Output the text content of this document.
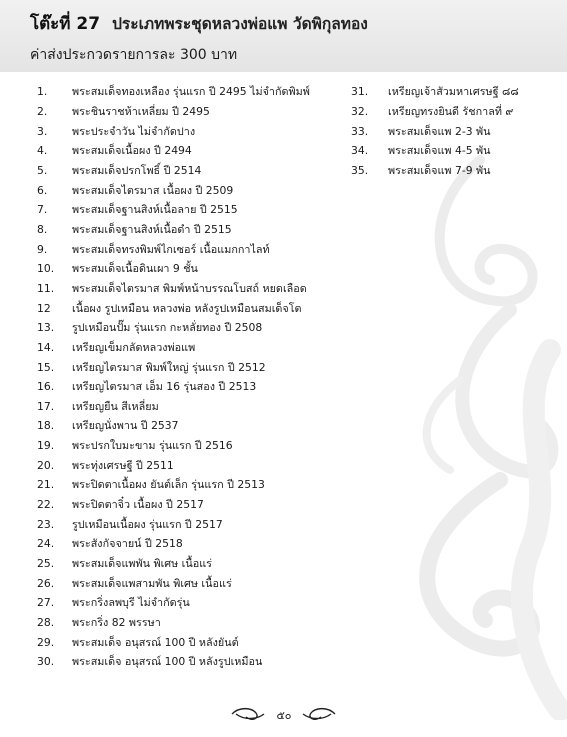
โต๊ะที่ 27 ประเภทพระชุดหลวงพ่อแพ วัดพิกุลทอง
ค่าส่งประกวดรายการละ 300 บาท
1.	พระสมเด็จทองเหลือง รุ่นแรก ปี 2495 ไม่จำกัดพิมพ์
2.	พระชินราชห้าเหลี่ยม ปี 2495
3.	พระประจำวัน ไม่จำกัดปาง
4.	พระสมเด็จเนื้อผง ปี 2494
5.	พระสมเด็จปรกโพธิ์ ปี 2514
6.	พระสมเด็จไตรมาส เนื้อผง ปี 2509
7.	พระสมเด็จฐานสิงห์เนื้อลาย ปี 2515
8.	พระสมเด็จฐานสิงห์เนื้อดำ ปี 2515
9.	พระสมเด็จทรงพิมพ์ไกเซอร์ เนื้อแมกกาไลท์
10.	พระสมเด็จเนื้อดินเผา 9 ชั้น
11.	พระสมเด็จไตรมาส พิมพ์หน้าบรรณโบสถ์ หยดเลือด
12	เนื้อผง รูปเหมือน หลวงพ่อ หลังรูปเหมือนสมเด็จโต
13.	รูปเหมือนปั๊ม รุ่นแรก กะหลั่ยทอง ปี 2508
14.	เหรียญเข็มกลัดหลวงพ่อแพ
15.	เหรียญไตรมาส พิมพ์ใหญ่ รุ่นแรก ปี 2512
16.	เหรียญไตรมาส เอ็ม 16 รุ่นสอง ปี 2513
17.	เหรียญยืน สีเหลี่ยม
18.	เหรียญนั่งพาน ปี 2537
19.	พระปรกใบมะขาม รุ่นแรก ปี 2516
20.	พระทุ่งเศรษฐี ปี 2511
21.	พระปิดตาเนื้อผง ยันต์เล็ก รุ่นแรก ปี 2513
22.	พระปิดตาจิ๋ว เนื้อผง ปี 2517
23.	รูปเหมือนเนื้อผง รุ่นแรก ปี 2517
24.	พระสังกัจจายน์ ปี 2518
25.	พระสมเด็จแพพัน พิเศษ เนื้อแร่
26.	พระสมเด็จแพสามพัน พิเศษ เนื้อแร่
27.	พระกริ่งลพบุรี ไม่จำกัดรุ่น
28.	พระกริ่ง 82 พรรษา
29.	พระสมเด็จ อนุสรณ์ 100 ปี หลังยันต์
30.	พระสมเด็จ อนุสรณ์ 100 ปี หลังรูปเหมือน
31.	เหรียญเจ้าสัวมหาเศรษฐี ๘๘
32.	เหรียญทรงยินดี รัชกาลที่ ๙
33.	พระสมเด็จแพ 2-3 พัน
34.	พระสมเด็จแพ 4-5 พัน
35.	พระสมเด็จแพ 7-9 พัน
๕๐
